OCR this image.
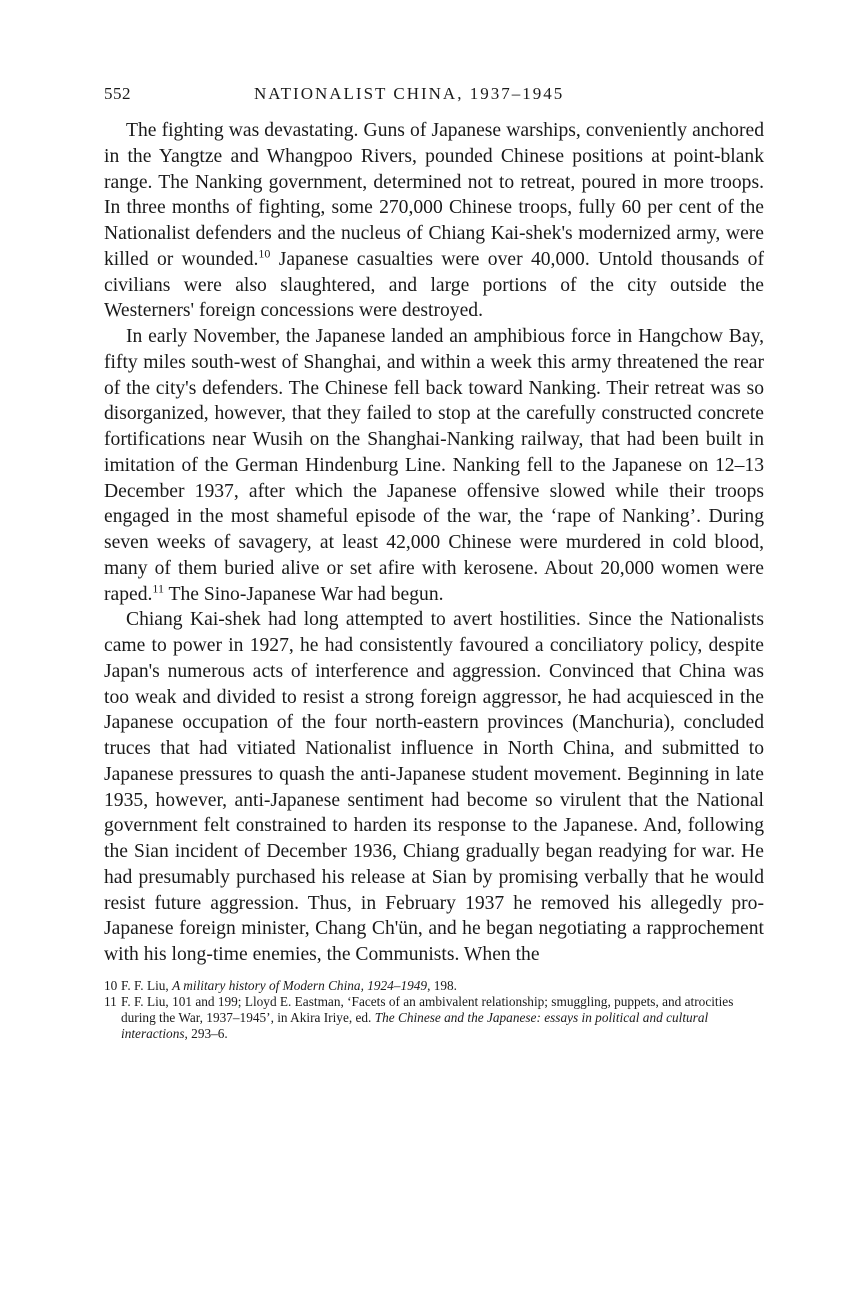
552	NATIONALIST CHINA, 1937–1945

The fighting was devastating. Guns of Japanese warships, conveniently anchored in the Yangtze and Whangpoo Rivers, pounded Chinese positions at point-blank range. The Nanking government, determined not to retreat, poured in more troops. In three months of fighting, some 270,000 Chinese troops, fully 60 per cent of the Nationalist defenders and the nucleus of Chiang Kai-shek's modernized army, were killed or wounded.$^{10}$ Japanese casualties were over 40,000. Untold thousands of civilians were also slaughtered, and large portions of the city outside the Westerners' foreign concessions were destroyed.

In early November, the Japanese landed an amphibious force in Hangchow Bay, fifty miles south-west of Shanghai, and within a week this army threatened the rear of the city's defenders. The Chinese fell back toward Nanking. Their retreat was so disorganized, however, that they failed to stop at the carefully constructed concrete fortifications near Wusih on the Shanghai-Nanking railway, that had been built in imitation of the German Hindenburg Line. Nanking fell to the Japanese on 12–13 December 1937, after which the Japanese offensive slowed while their troops engaged in the most shameful episode of the war, the ‘rape of Nanking’. During seven weeks of savagery, at least 42,000 Chinese were murdered in cold blood, many of them buried alive or set afire with kerosene. About 20,000 women were raped.$^{11}$ The Sino-Japanese War had begun.

Chiang Kai-shek had long attempted to avert hostilities. Since the Nationalists came to power in 1927, he had consistently favoured a conciliatory policy, despite Japan's numerous acts of interference and aggression. Convinced that China was too weak and divided to resist a strong foreign aggressor, he had acquiesced in the Japanese occupation of the four north-eastern provinces (Manchuria), concluded truces that had vitiated Nationalist influence in North China, and submitted to Japanese pressures to quash the anti-Japanese student movement. Beginning in late 1935, however, anti-Japanese sentiment had become so virulent that the National government felt constrained to harden its response to the Japanese. And, following the Sian incident of December 1936, Chiang gradually began readying for war. He had presumably purchased his release at Sian by promising verbally that he would resist future aggression. Thus, in February 1937 he removed his allegedly pro-Japanese foreign minister, Chang Ch'ün, and he began negotiating a rapprochement with his long-time enemies, the Communists. When the

10 F. F. Liu, A military history of Modern China, 1924–1949, 198.

11 F. F. Liu, 101 and 199; Lloyd E. Eastman, ‘Facets of an ambivalent relationship; smuggling, puppets, and atrocities during the War, 1937–1945’, in Akira Iriye, ed. The Chinese and the Japanese: essays in political and cultural interactions, 293–6.
